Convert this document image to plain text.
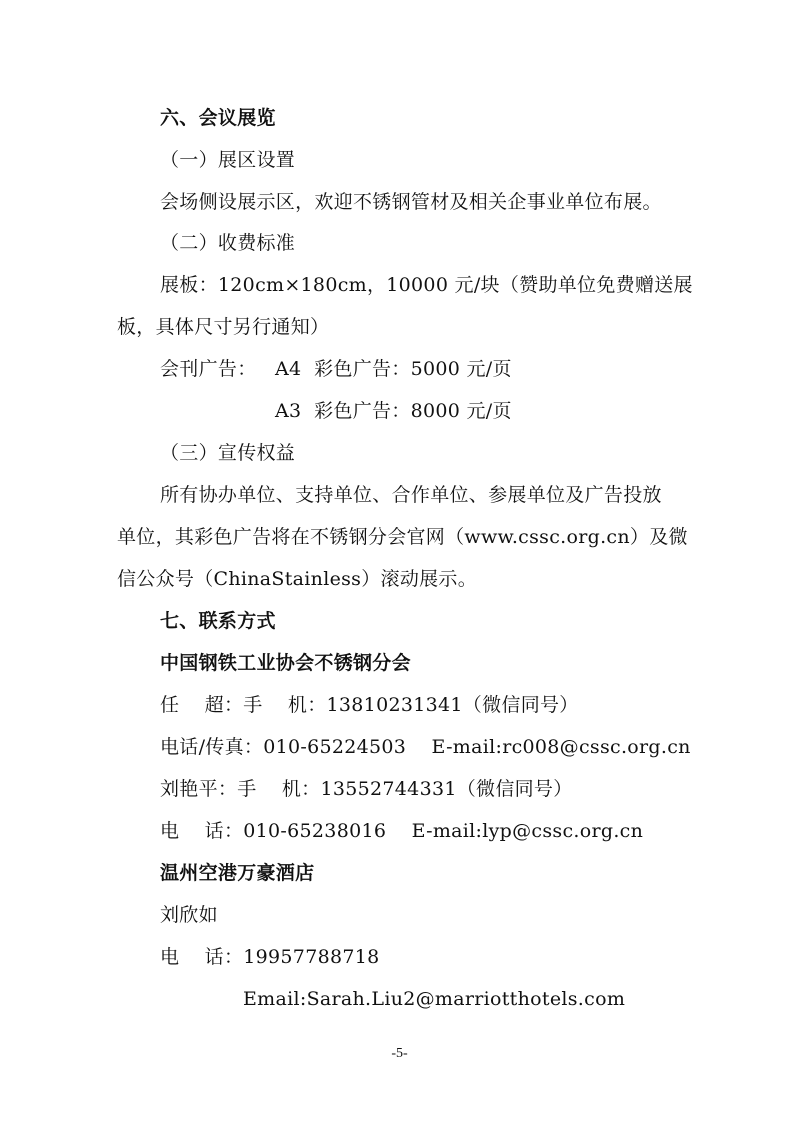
六、会议展览
（一）展区设置
会场侧设展示区，欢迎不锈钢管材及相关企事业单位布展。
（二）收费标准
展板：120cm×180cm，10000 元/块（赞助单位免费赠送展
板，具体尺寸另行通知）
会刊广告： A4  彩色广告：5000 元/页
A3  彩色广告：8000 元/页
（三）宣传权益
所有协办单位、支持单位、合作单位、参展单位及广告投放
单位，其彩色广告将在不锈钢分会官网（www.cssc.org.cn）及微
信公众号（ChinaStainless）滚动展示。
七、联系方式
中国钢铁工业协会不锈钢分会
任    超：手    机：13810231341（微信同号）
电话/传真：010-65224503    E-mail:rc008@cssc.org.cn
刘艳平：手    机：13552744331（微信同号）
电    话：010-65238016    E-mail:lyp@cssc.org.cn
温州空港万豪酒店
刘欣如
电    话：19957788718
Email:Sarah.Liu2@marriotthotels.com
-5-
